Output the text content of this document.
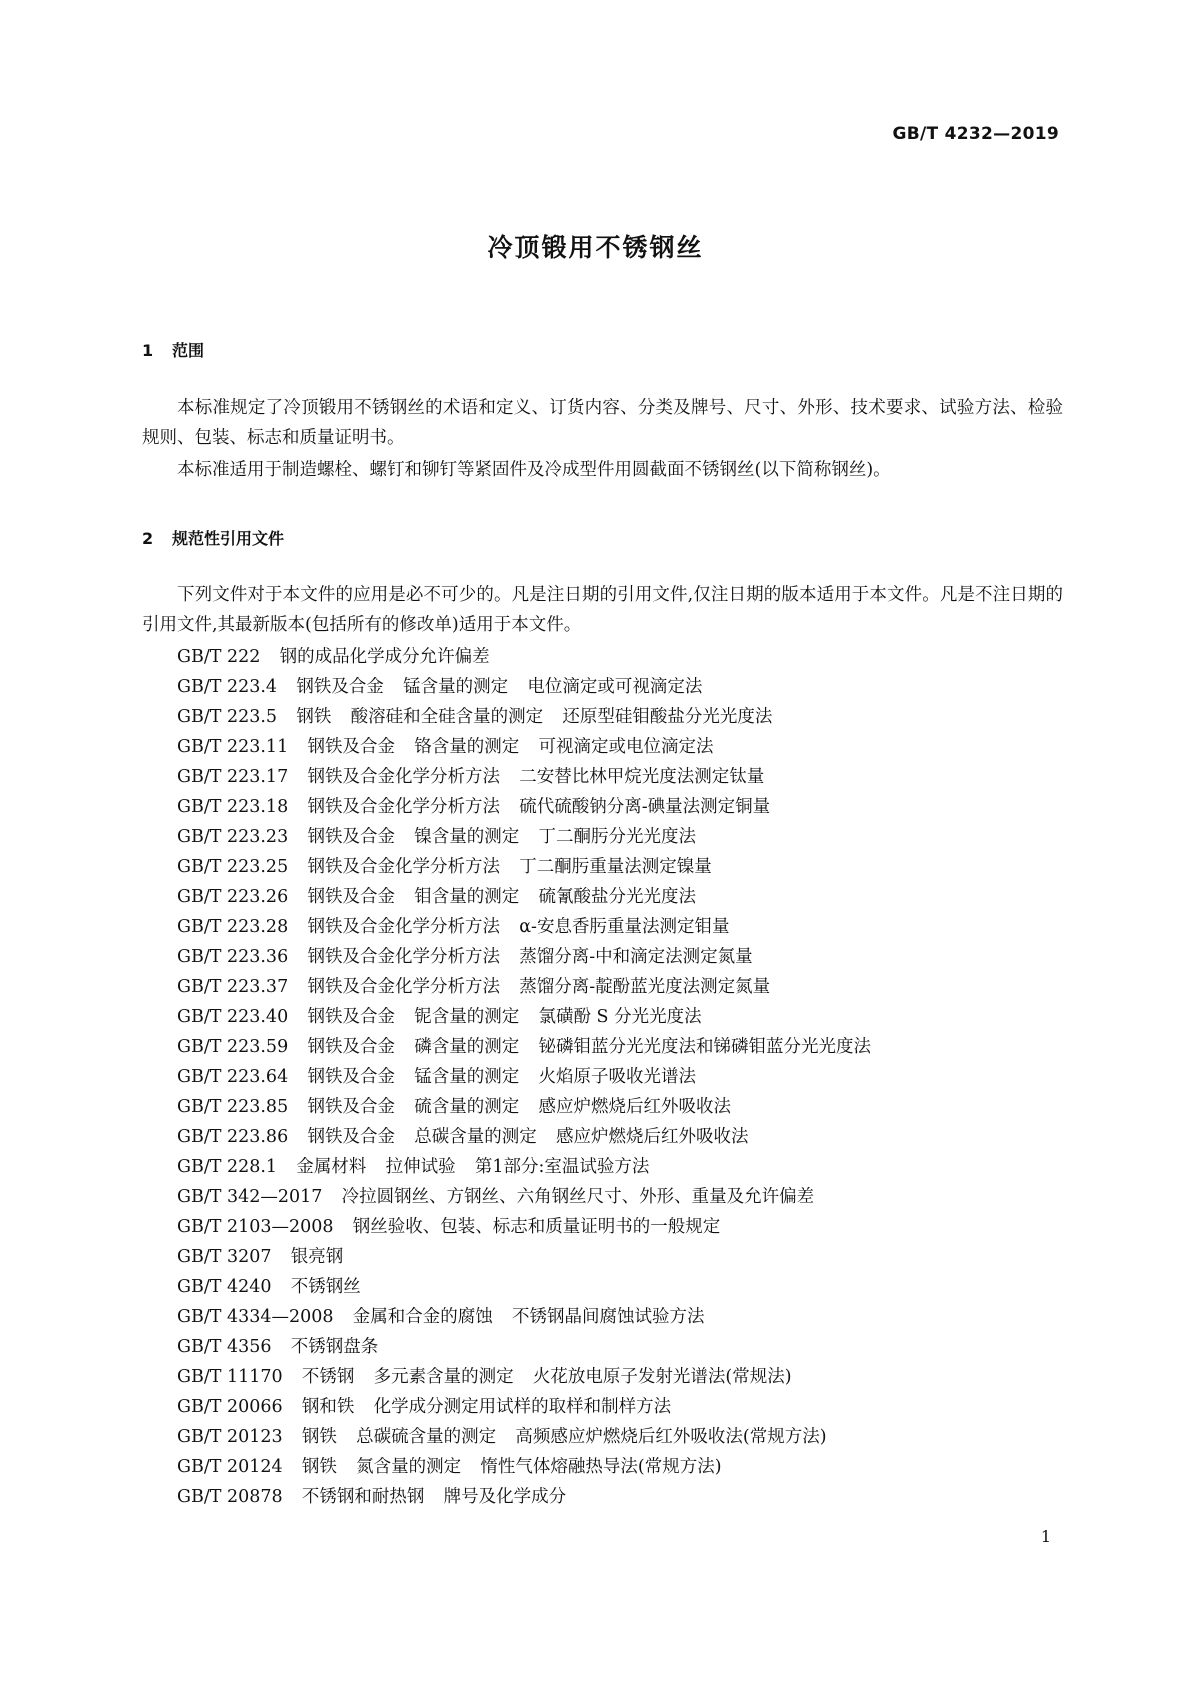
GB/T 4232—2019
冷顶锻用不锈钢丝
1 范围
本标准规定了冷顶锻用不锈钢丝的术语和定义、订货内容、分类及牌号、尺寸、外形、技术要求、试验方法、检验规则、包装、标志和质量证明书。
本标准适用于制造螺栓、螺钉和铆钉等紧固件及冷成型件用圆截面不锈钢丝(以下简称钢丝)。
2 规范性引用文件
下列文件对于本文件的应用是必不可少的。凡是注日期的引用文件,仅注日期的版本适用于本文件。凡是不注日期的引用文件,其最新版本(包括所有的修改单)适用于本文件。
GB/T 222 钢的成品化学成分允许偏差
GB/T 223.4 钢铁及合金 锰含量的测定 电位滴定或可视滴定法
GB/T 223.5 钢铁 酸溶硅和全硅含量的测定 还原型硅钼酸盐分光光度法
GB/T 223.11 钢铁及合金 铬含量的测定 可视滴定或电位滴定法
GB/T 223.17 钢铁及合金化学分析方法 二安替比林甲烷光度法测定钛量
GB/T 223.18 钢铁及合金化学分析方法 硫代硫酸钠分离-碘量法测定铜量
GB/T 223.23 钢铁及合金 镍含量的测定 丁二酮肟分光光度法
GB/T 223.25 钢铁及合金化学分析方法 丁二酮肟重量法测定镍量
GB/T 223.26 钢铁及合金 钼含量的测定 硫氰酸盐分光光度法
GB/T 223.28 钢铁及合金化学分析方法 α-安息香肟重量法测定钼量
GB/T 223.36 钢铁及合金化学分析方法 蒸馏分离-中和滴定法测定氮量
GB/T 223.37 钢铁及合金化学分析方法 蒸馏分离-靛酚蓝光度法测定氮量
GB/T 223.40 钢铁及合金 铌含量的测定 氯磺酚 S 分光光度法
GB/T 223.59 钢铁及合金 磷含量的测定 铋磷钼蓝分光光度法和锑磷钼蓝分光光度法
GB/T 223.64 钢铁及合金 锰含量的测定 火焰原子吸收光谱法
GB/T 223.85 钢铁及合金 硫含量的测定 感应炉燃烧后红外吸收法
GB/T 223.86 钢铁及合金 总碳含量的测定 感应炉燃烧后红外吸收法
GB/T 228.1 金属材料 拉伸试验 第1部分:室温试验方法
GB/T 342—2017 冷拉圆钢丝、方钢丝、六角钢丝尺寸、外形、重量及允许偏差
GB/T 2103—2008 钢丝验收、包装、标志和质量证明书的一般规定
GB/T 3207 银亮钢
GB/T 4240 不锈钢丝
GB/T 4334—2008 金属和合金的腐蚀 不锈钢晶间腐蚀试验方法
GB/T 4356 不锈钢盘条
GB/T 11170 不锈钢 多元素含量的测定 火花放电原子发射光谱法(常规法)
GB/T 20066 钢和铁 化学成分测定用试样的取样和制样方法
GB/T 20123 钢铁 总碳硫含量的测定 高频感应炉燃烧后红外吸收法(常规方法)
GB/T 20124 钢铁 氮含量的测定 惰性气体熔融热导法(常规方法)
GB/T 20878 不锈钢和耐热钢 牌号及化学成分
1
